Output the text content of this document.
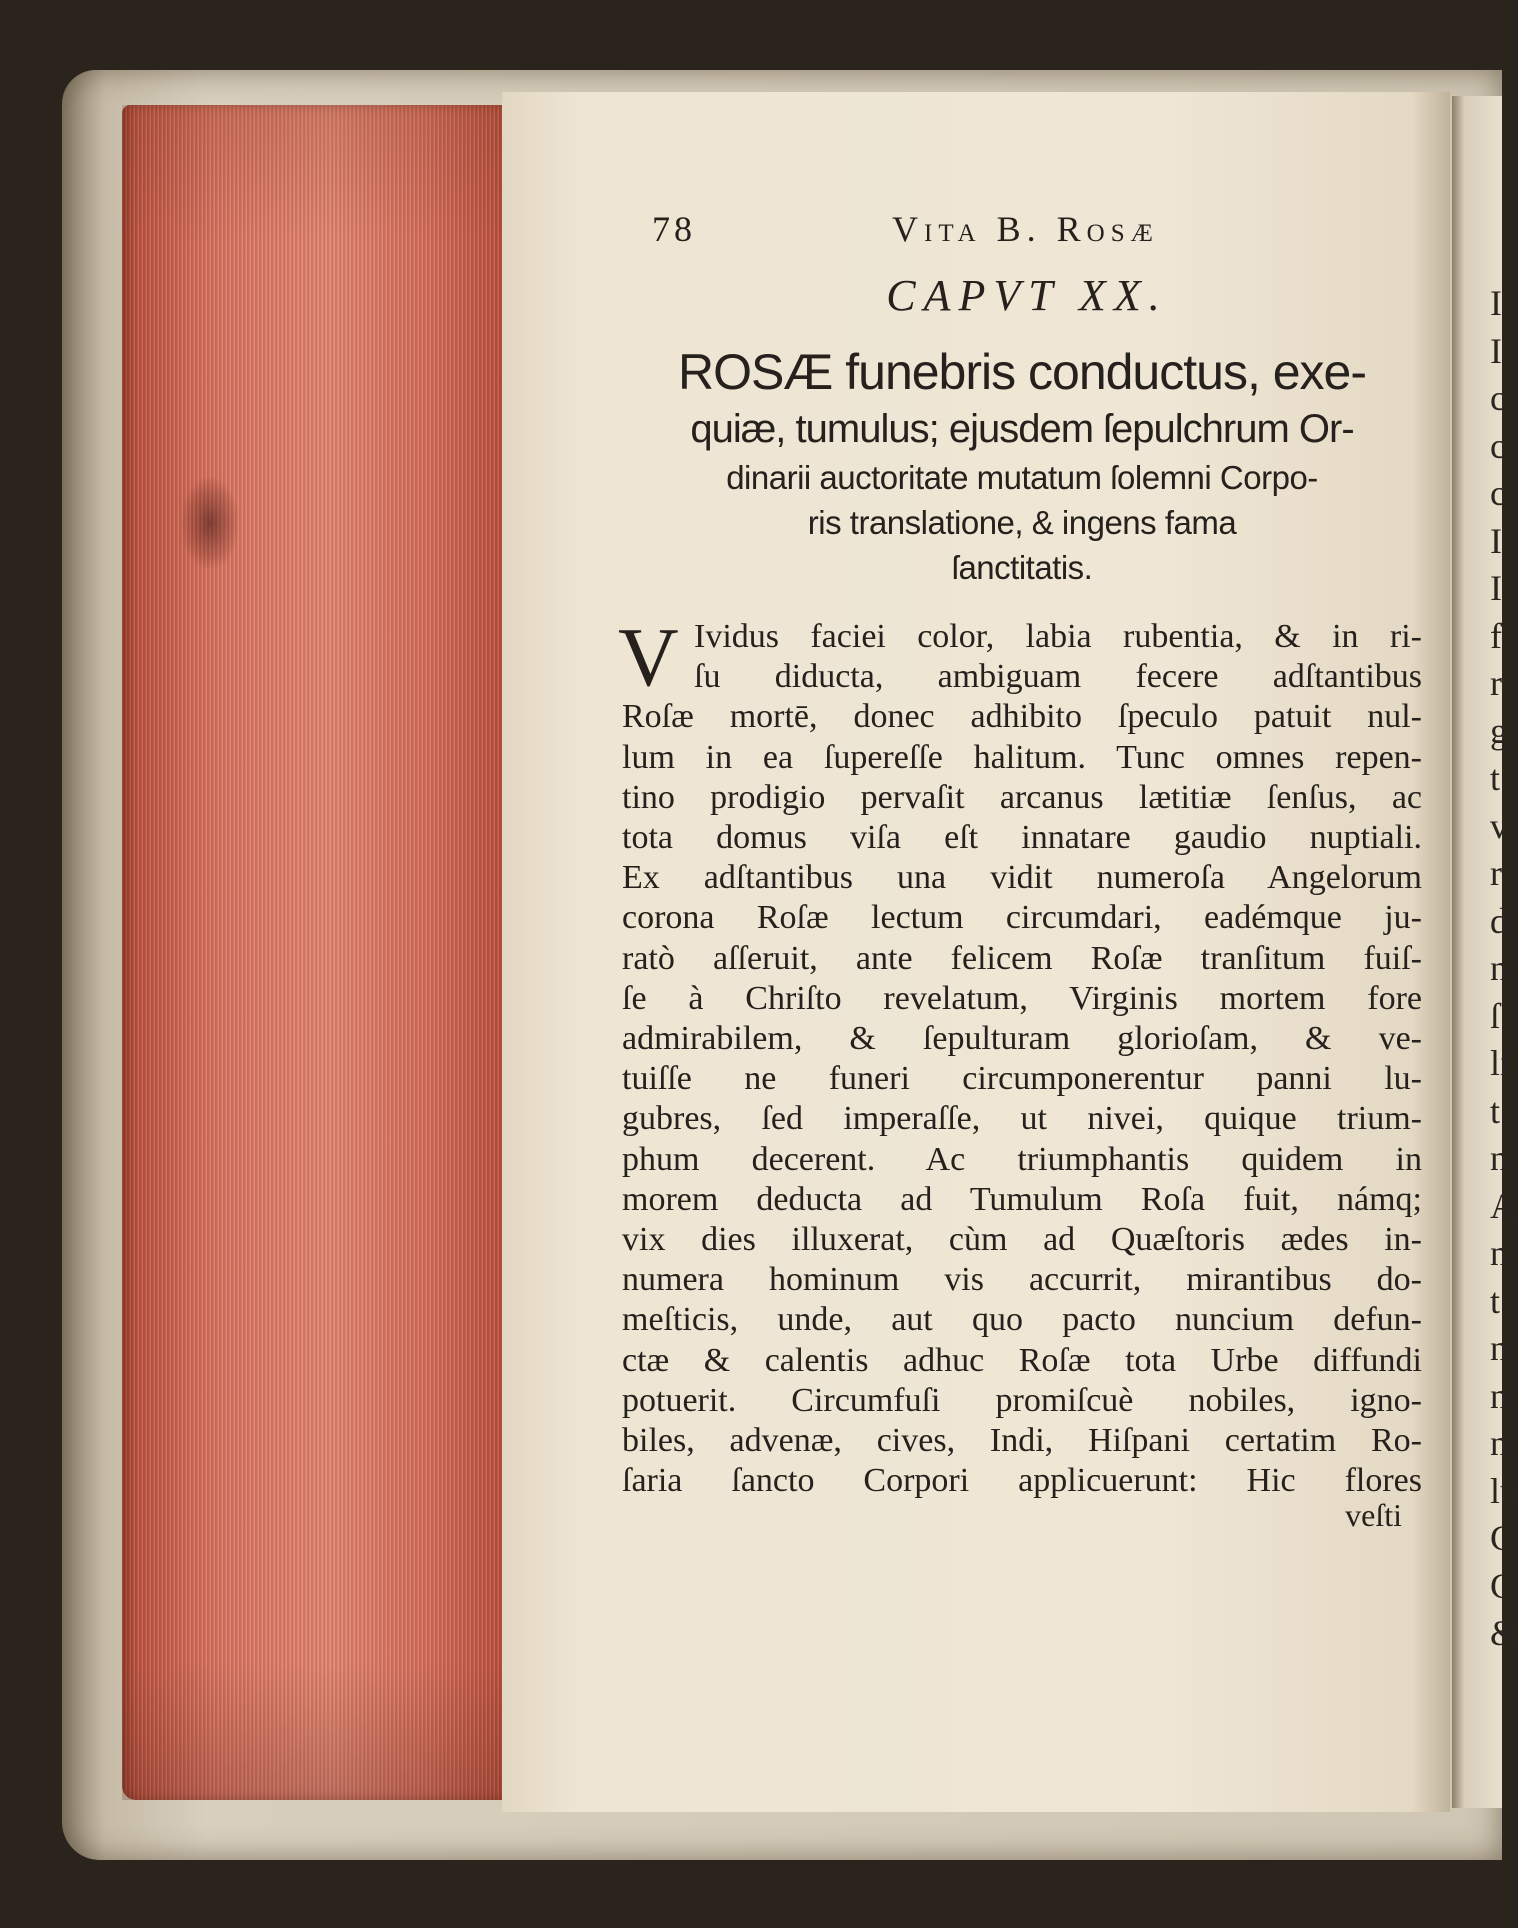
78	Vita B. Rosæ
CAPVT XX.
ROSÆ funebris conductus, exe-
quiæ, tumulus; ejusdem ſepulchrum Or-
dinarii auctoritate mutatum ſolemni Corpo-
ris translatione, & ingens fama
ſanctitatis.
V Ividus faciei color, labia rubentia, & in ri-
ſu diducta, ambiguam fecere adſtantibus
Roſæ mortē, donec adhibito ſpeculo patuit nul-
lum in ea ſupereſſe halitum. Tunc omnes repen-
tino prodigio pervaſit arcanus lætitiæ ſenſus, ac
tota domus viſa eſt innatare gaudio nuptiali.
Ex adſtantibus una vidit numeroſa Angelorum
corona Roſæ lectum circumdari, eadémque ju-
ratò aſſeruit, ante felicem Roſæ tranſitum fuiſ-
ſe à Chriſto revelatum, Virginis mortem fore
admirabilem, & ſepulturam glorioſam, & ve-
tuiſſe ne funeri circumponerentur panni lu-
gubres, ſed imperaſſe, ut nivei, quique trium-
phum decerent. Ac triumphantis quidem in
morem deducta ad Tumulum Roſa fuit, námq;
vix dies illuxerat, cùm ad Quæſtoris ædes in-
numera hominum vis accurrit, mirantibus do-
meſticis, unde, aut quo pacto nuncium defun-
ctæ & calentis adhuc Roſæ tota Urbe diffundi
potuerit. Circumfuſi promiſcuè nobiles, igno-
biles, advenæ, cives, Indi, Hiſpani certatim Ro-
ſaria ſancto Corpori applicuerunt: Hic flores
veſti
I
I
c
c
c
I
I
f
r
g
t
v
r
d
n
ſ
li
t
n
A
n
t
n
n
n
lu
C
C
&
